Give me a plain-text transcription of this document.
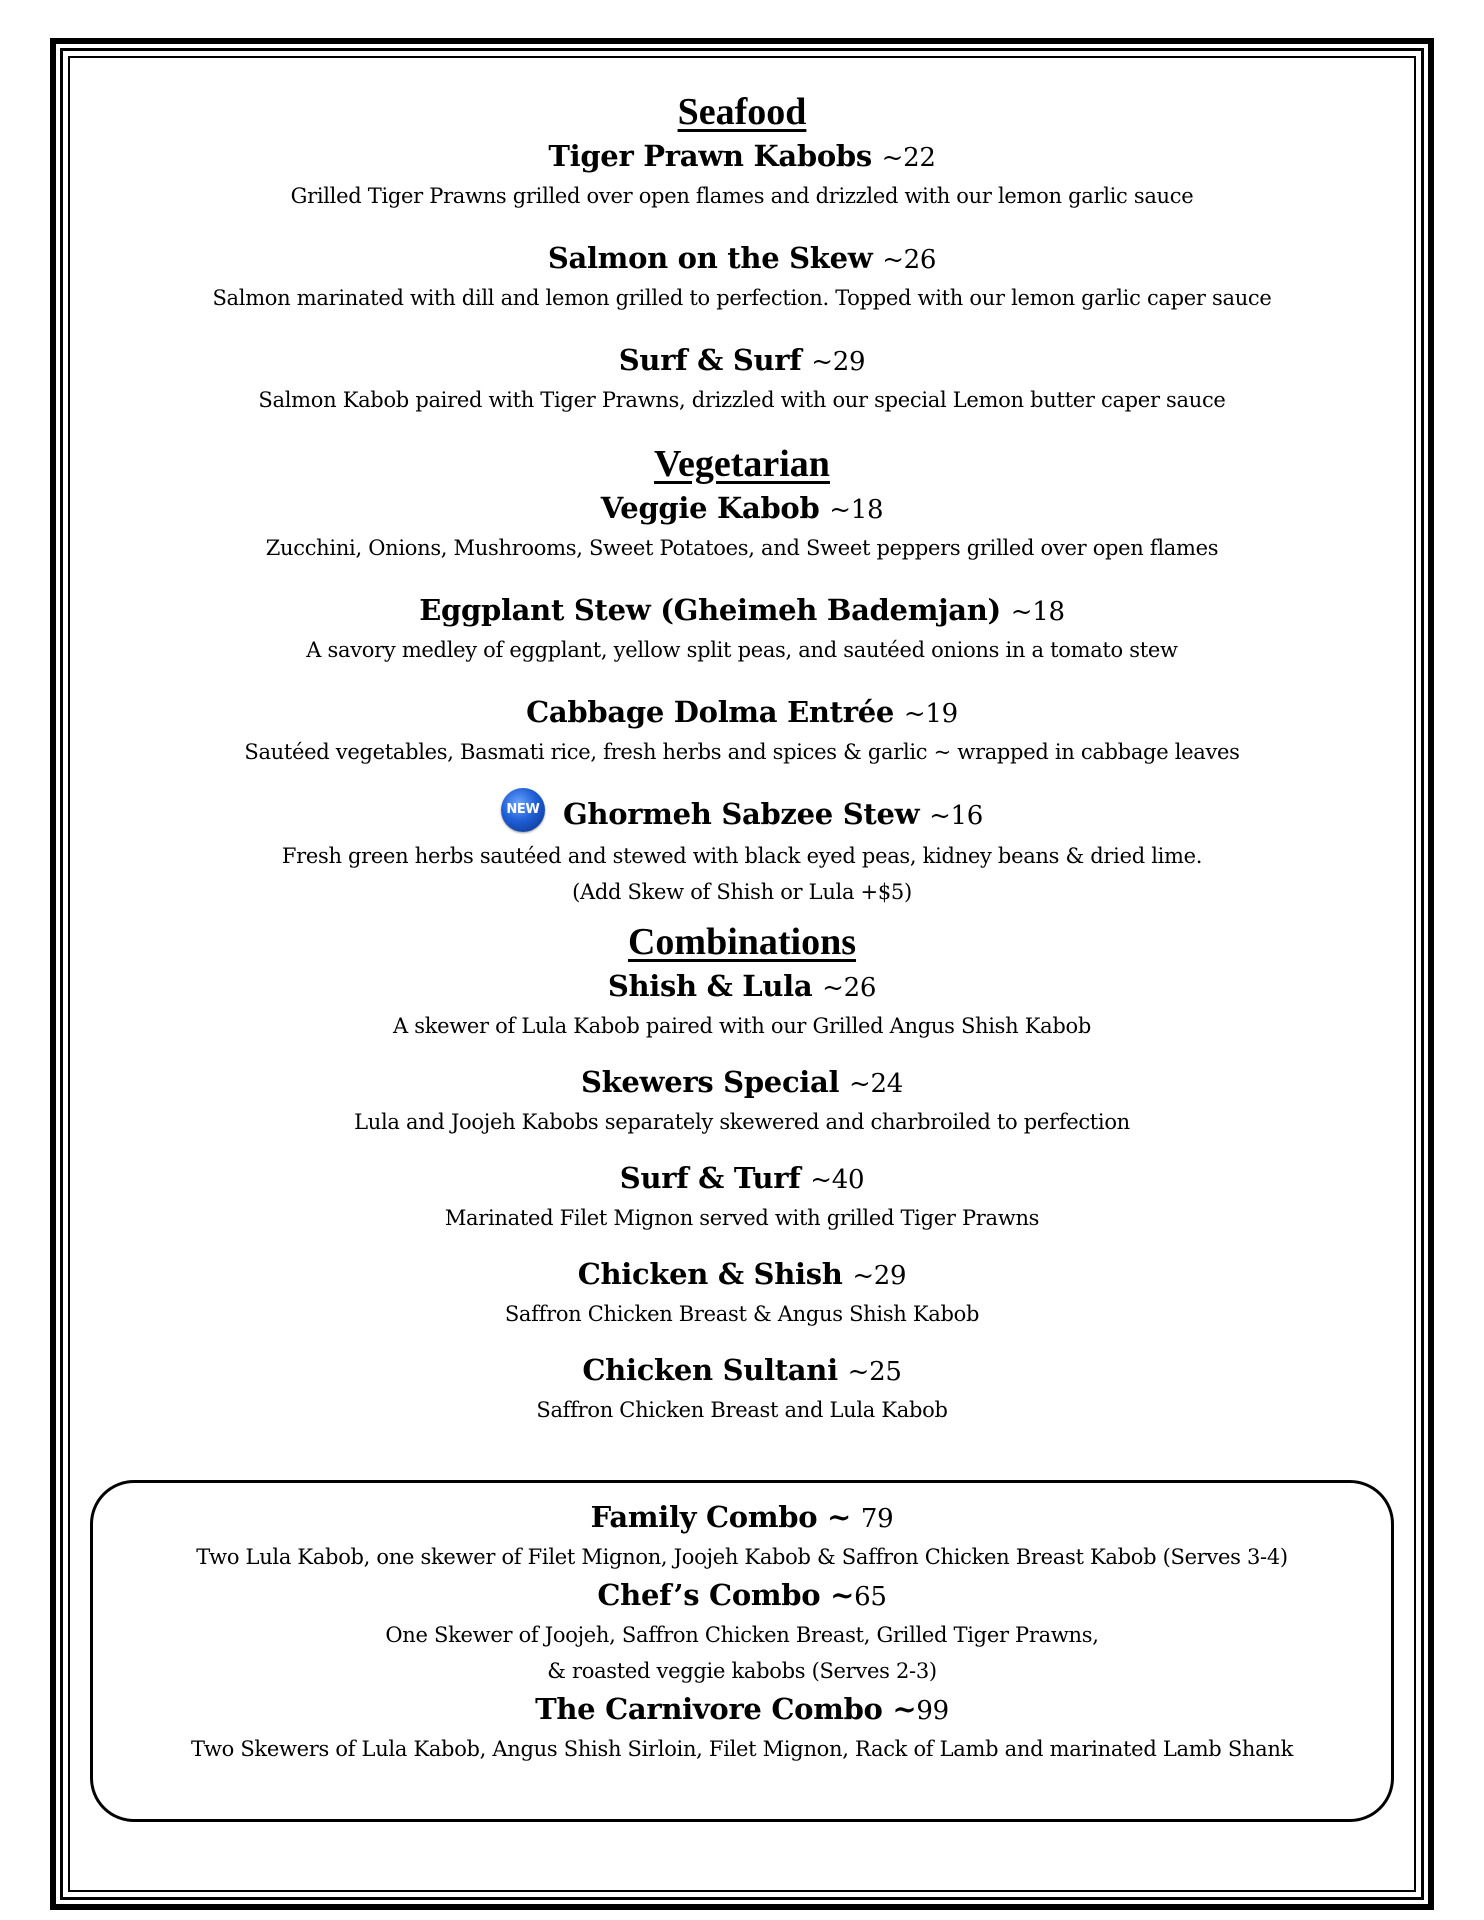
Seafood

Tiger Prawn Kabobs ~22

Grilled Tiger Prawns grilled over open flames and drizzled with our lemon garlic sauce

Salmon on the Skew ~26

Salmon marinated with dill and lemon grilled to perfection. Topped with our lemon garlic caper sauce

Surf & Surf ~29

Salmon Kabob paired with Tiger Prawns, drizzled with our special Lemon butter caper sauce

Vegetarian

Veggie Kabob ~18

Zucchini, Onions, Mushrooms, Sweet Potatoes, and Sweet peppers grilled over open flames

Eggplant Stew (Gheimeh Bademjan) ~18

A savory medley of eggplant, yellow split peas, and sautéed onions in a tomato stew

Cabbage Dolma Entrée ~19

Sautéed vegetables, Basmati rice, fresh herbs and spices & garlic ~ wrapped in cabbage leaves

NEW Ghormeh Sabzee Stew ~16

Fresh green herbs sautéed and stewed with black eyed peas, kidney beans & dried lime.

(Add Skew of Shish or Lula +$5)

Combinations

Shish & Lula ~26

A skewer of Lula Kabob paired with our Grilled Angus Shish Kabob

Skewers Special ~24

Lula and Joojeh Kabobs separately skewered and charbroiled to perfection

Surf & Turf ~40

Marinated Filet Mignon served with grilled Tiger Prawns

Chicken & Shish ~29

Saffron Chicken Breast & Angus Shish Kabob

Chicken Sultani ~25

Saffron Chicken Breast and Lula Kabob

Family Combo ~ 79

Two Lula Kabob, one skewer of Filet Mignon, Joojeh Kabob & Saffron Chicken Breast Kabob (Serves 3-4)

Chef’s Combo ~65

One Skewer of Joojeh, Saffron Chicken Breast, Grilled Tiger Prawns,

& roasted veggie kabobs (Serves 2-3)

The Carnivore Combo ~99

Two Skewers of Lula Kabob, Angus Shish Sirloin, Filet Mignon, Rack of Lamb and marinated Lamb Shank
